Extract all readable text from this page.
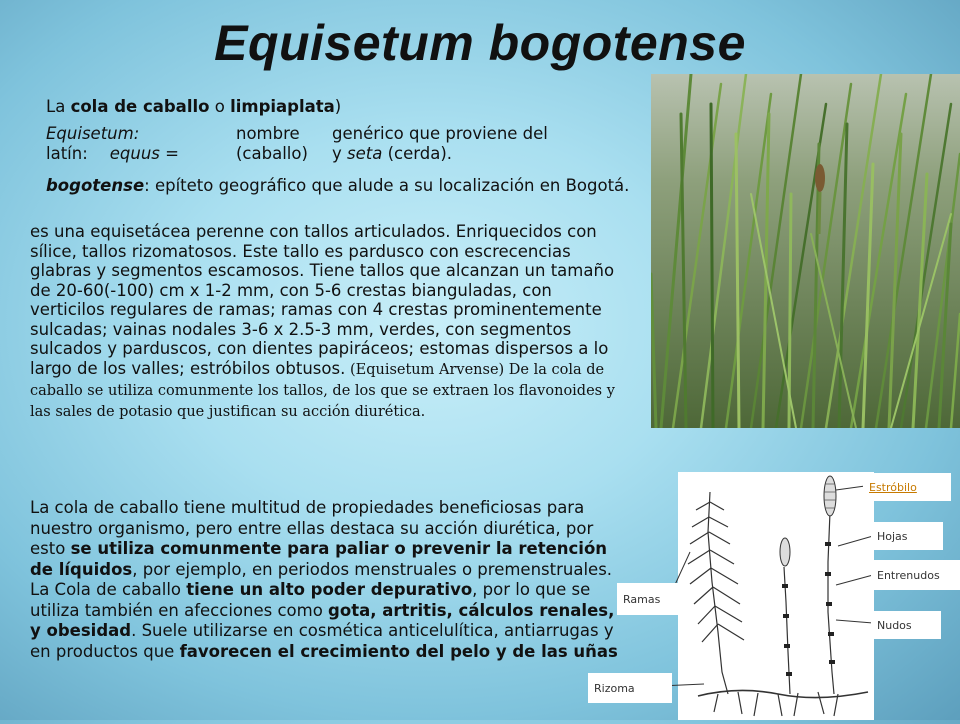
Equisetum bogotense

La cola de caballo o limpiaplata)

Equisetum:	nombre	genérico que proviene del
latín: equus =	(caballo)	y seta (cerda).

bogotense: epíteto geográfico que alude a su localización en Bogotá.

es una equisetácea perenne con tallos articulados. Enriquecidos con sílice, tallos rizomatosos. Este tallo es pardusco con escrecencias glabras y segmentos escamosos. Tiene tallos que alcanzan un tamaño de 20-60(-100) cm x 1-2 mm, con 5-6 crestas bianguladas, con verticilos regulares de ramas; ramas con 4 crestas prominentemente sulcadas; vainas nodales 3-6 x 2.5-3 mm, verdes, con segmentos sulcados y parduscos, con dientes papiráceos; estomas dispersos a lo largo de los valles; estróbilos obtusos. (Equisetum Arvense) De la cola de caballo se utiliza comunmente los tallos, de los que se extraen los flavonoides y las sales de potasio que justifican su acción diurética.

La cola de caballo tiene multitud de propiedades beneficiosas para nuestro organismo, pero entre ellas destaca su acción diurética, por esto se utiliza comunmente para paliar o prevenir la retención de líquidos, por ejemplo, en periodos menstruales o premenstruales. La Cola de caballo tiene un alto poder depurativo, por lo que se utiliza también en afecciones como gota, artritis, cálculos renales, y obesidad. Suele utilizarse en cosmética anticelulítica, antiarrugas y en productos que favorecen el crecimiento del pelo y de las uñas

Estróbilo
Hojas
Entrenudos
Nudos
Ramas
Rizoma
